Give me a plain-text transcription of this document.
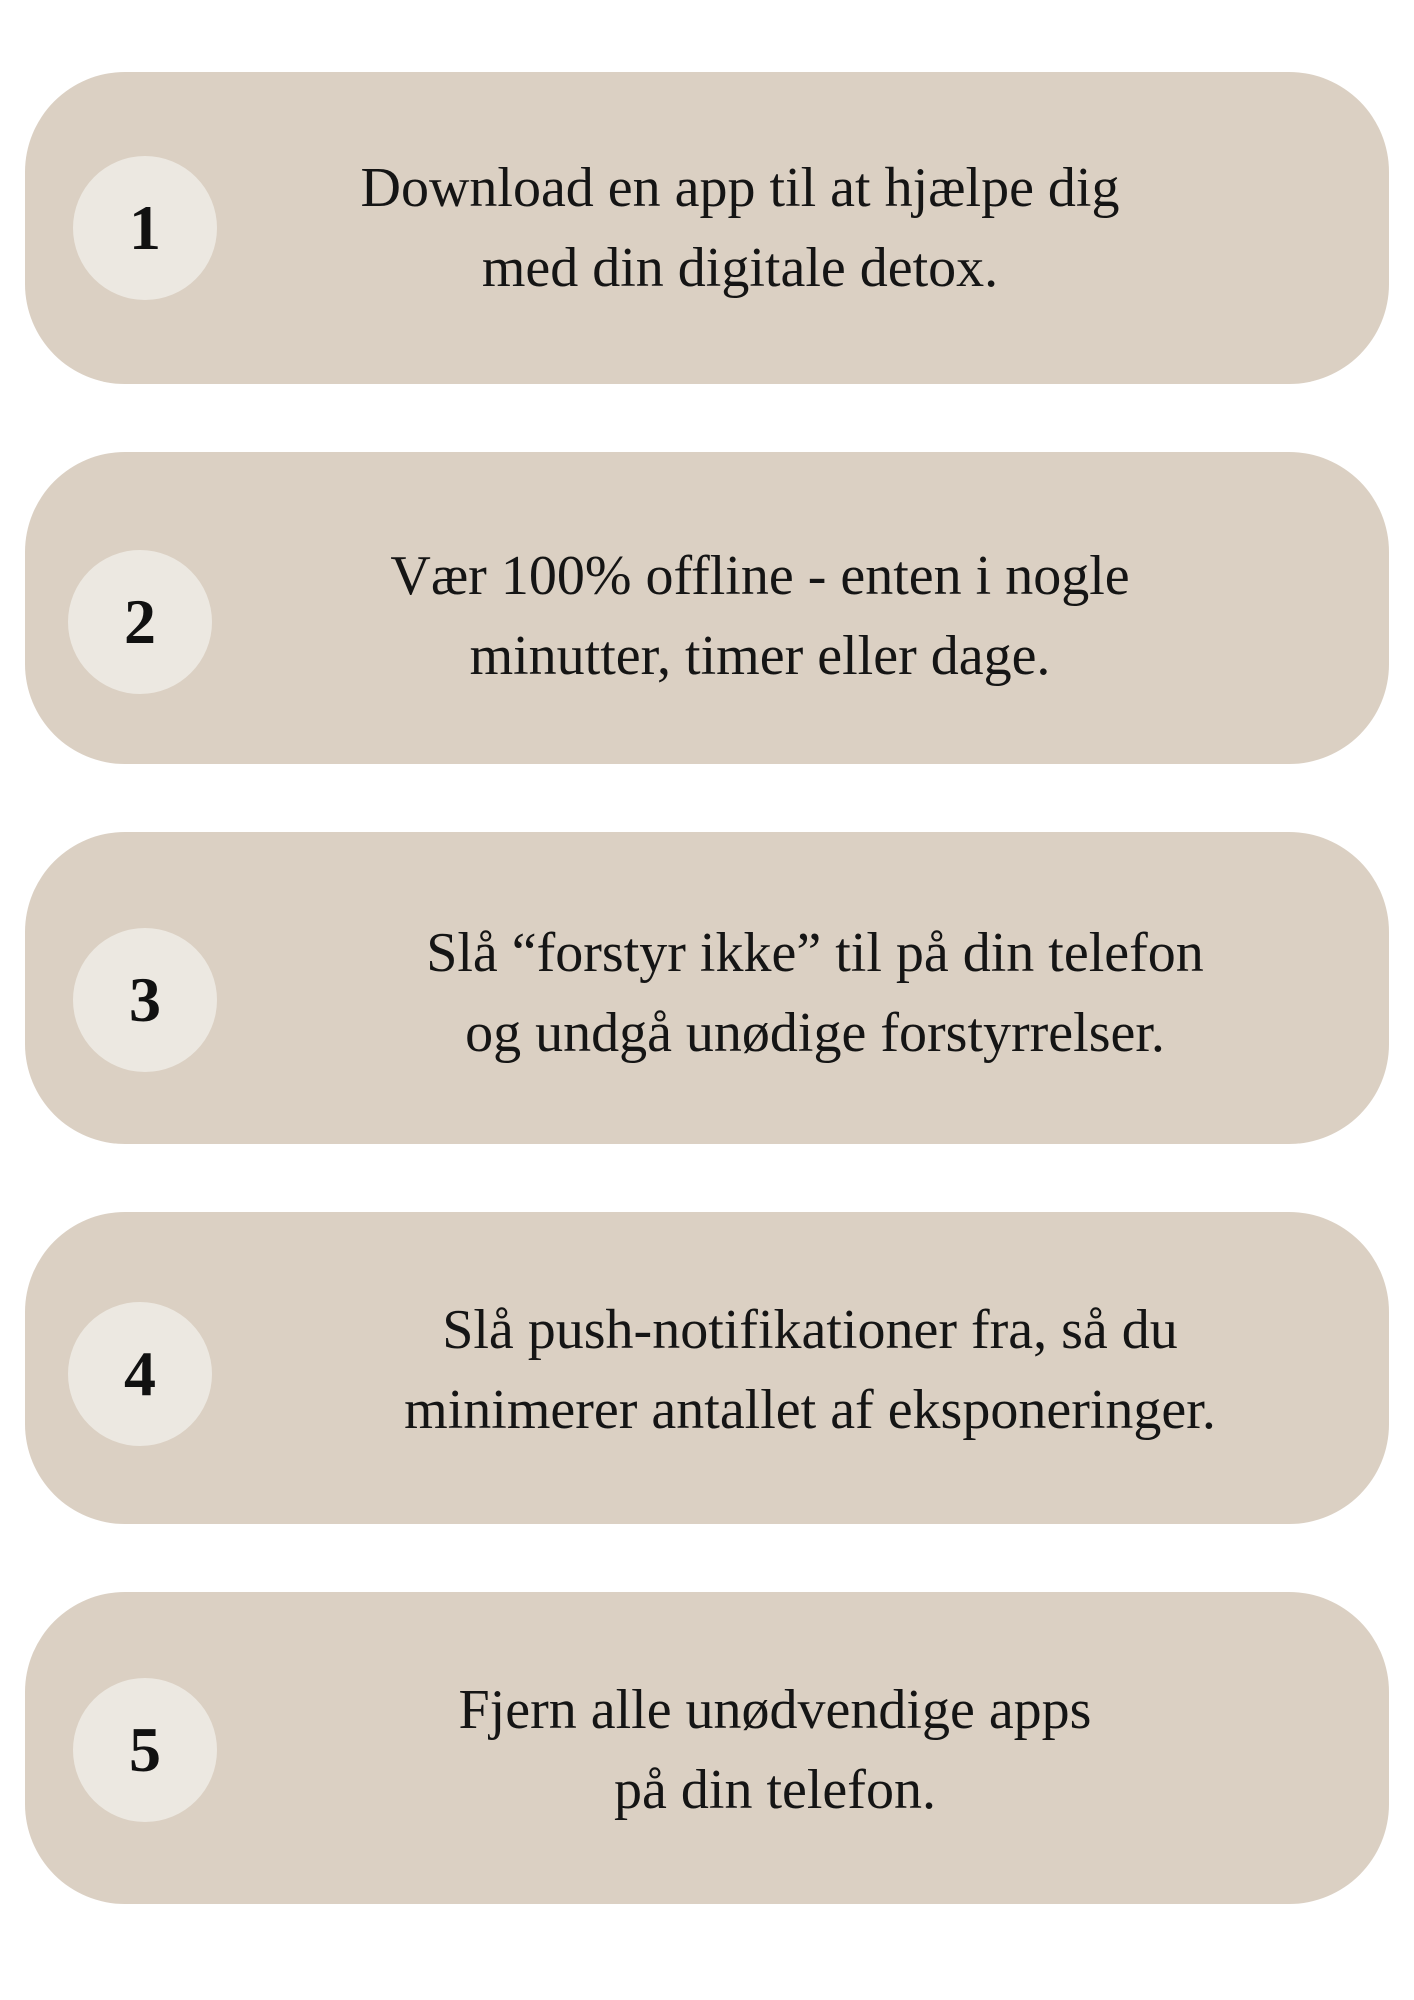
1
Download en app til at hjælpe dig
med din digitale detox.
2
Vær 100% offline - enten i nogle
minutter, timer eller dage.
3
Slå “forstyr ikke” til på din telefon
og undgå unødige forstyrrelser.
4
Slå push-notifikationer fra, så du
minimerer antallet af eksponeringer.
5
Fjern alle unødvendige apps
på din telefon.
